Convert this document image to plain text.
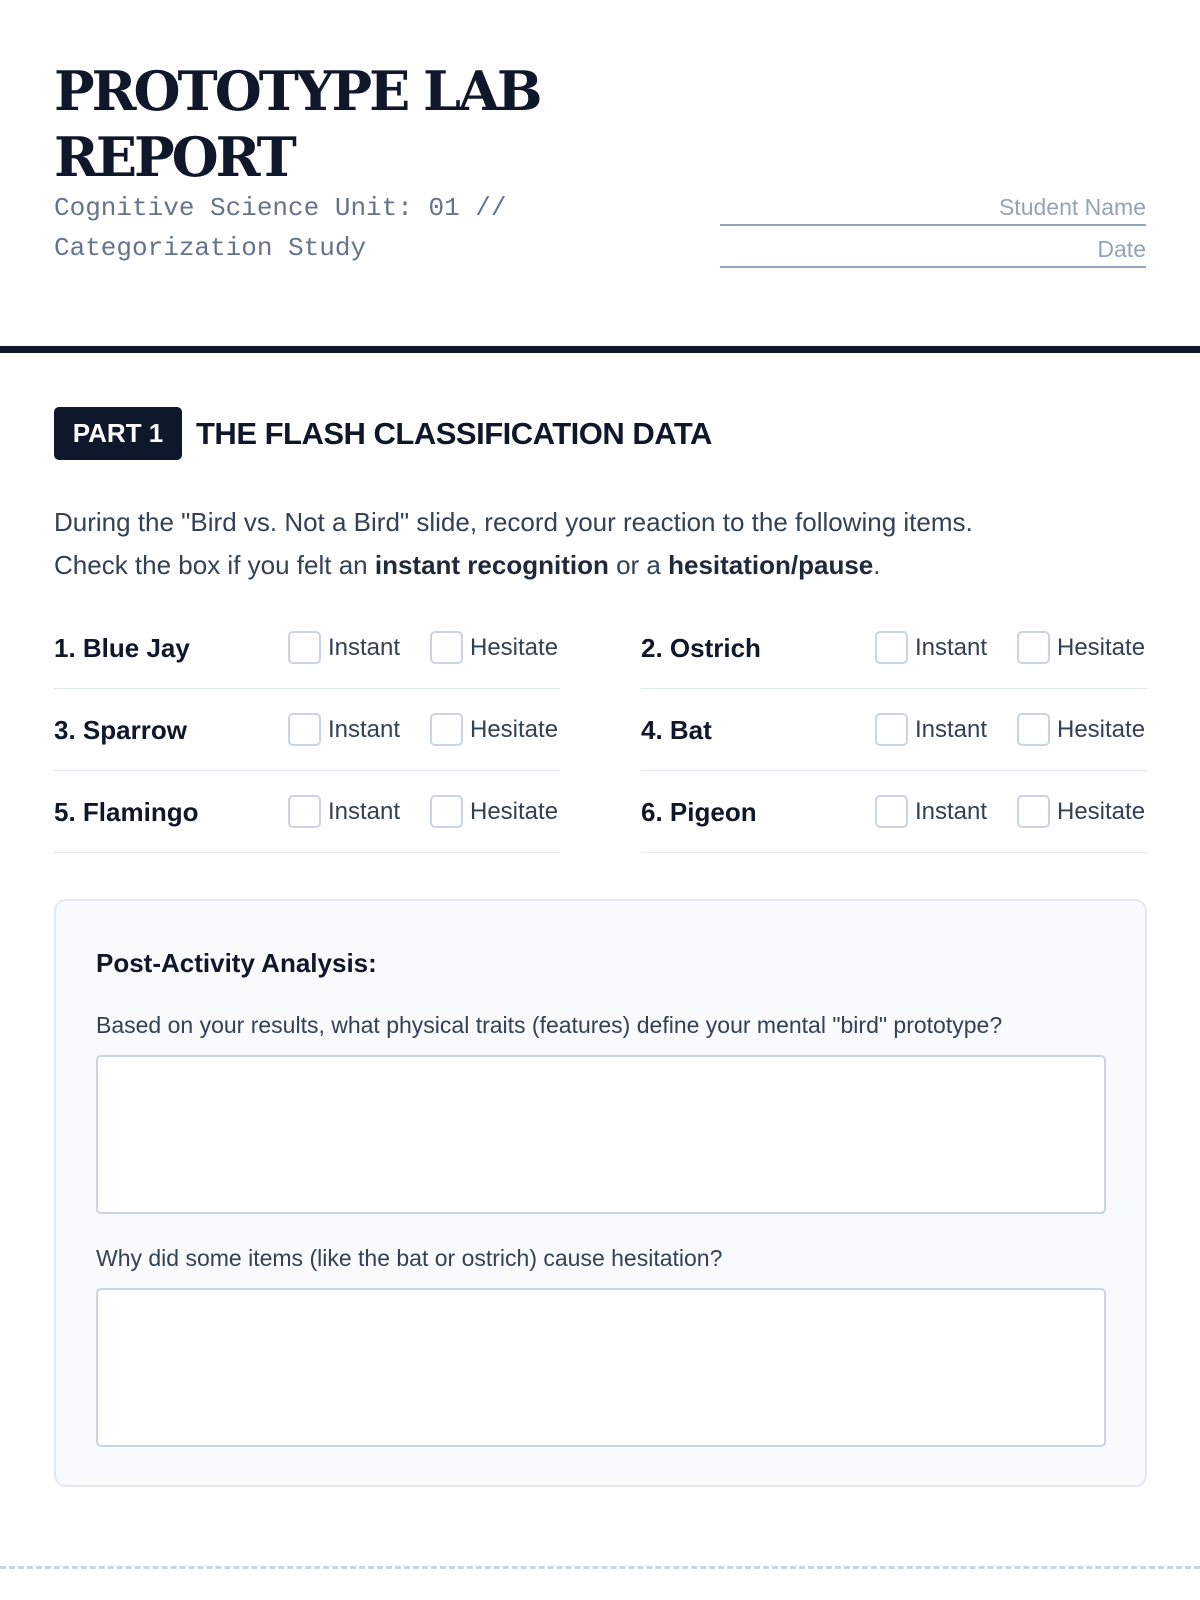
PROTOTYPE LAB REPORT
Cognitive Science Unit: 01 // Categorization Study
Student Name
Date
PART 1	THE FLASH CLASSIFICATION DATA
During the "Bird vs. Not a Bird" slide, record your reaction to the following items.
Check the box if you felt an instant recognition or a hesitation/pause.
1. Blue Jay	Instant	Hesitate	2. Ostrich	Instant	Hesitate
3. Sparrow	Instant	Hesitate	4. Bat	Instant	Hesitate
5. Flamingo	Instant	Hesitate	6. Pigeon	Instant	Hesitate
Post-Activity Analysis:
Based on your results, what physical traits (features) define your mental "bird" prototype?
Why did some items (like the bat or ostrich) cause hesitation?
